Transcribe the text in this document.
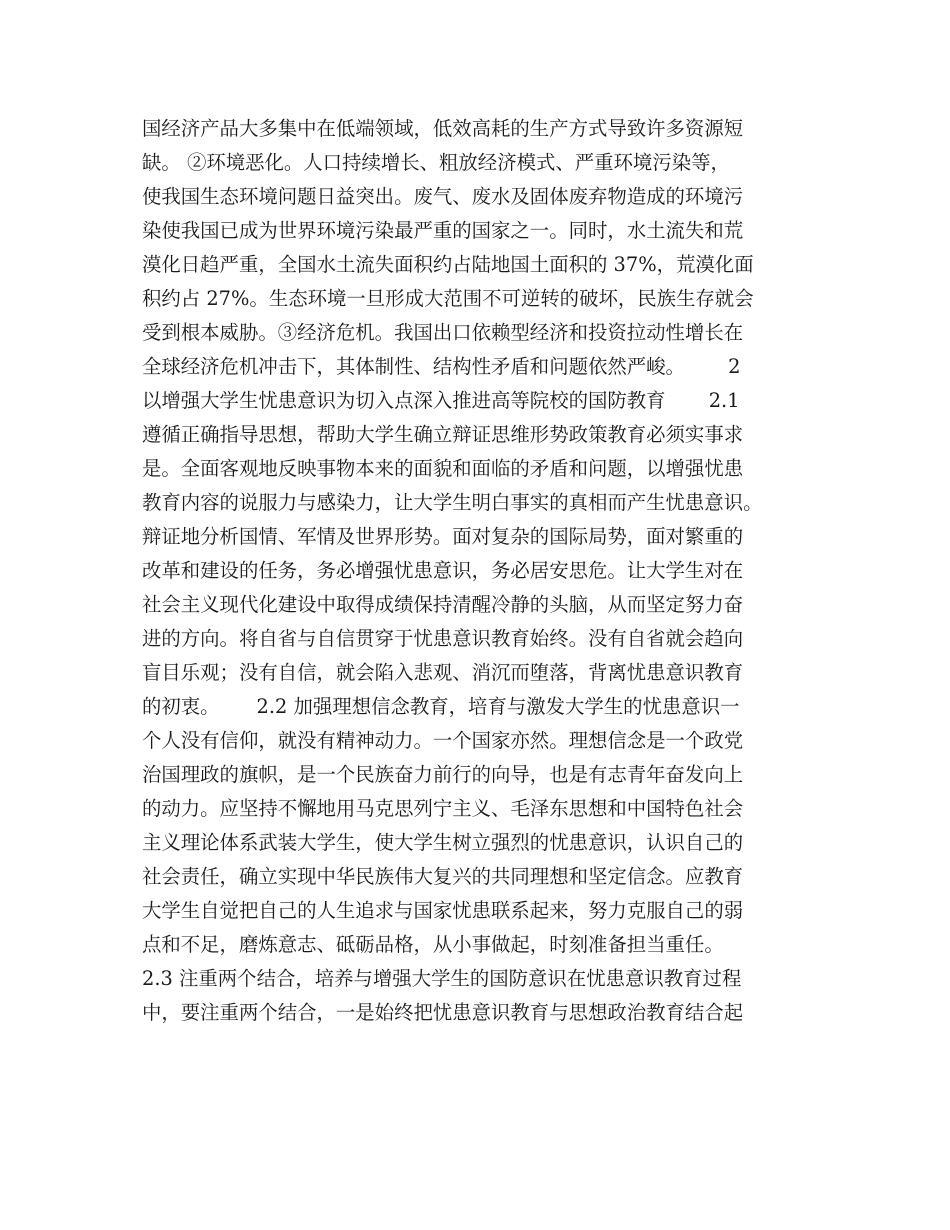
国经济产品大多集中在低端领域，低效高耗的生产方式导致许多资源短
缺。 ②环境恶化。人口持续增长、粗放经济模式、严重环境污染等，
使我国生态环境问题日益突出。废气、废水及固体废弃物造成的环境污
染使我国已成为世界环境污染最严重的国家之一。同时，水土流失和荒
漠化日趋严重，全国水土流失面积约占陆地国土面积的 37%，荒漠化面
积约占 27%。生态环境一旦形成大范围不可逆转的破坏，民族生存就会
受到根本威胁。③经济危机。我国出口依赖型经济和投资拉动性增长在
全球经济危机冲击下，其体制性、结构性矛盾和问题依然严峻。       2
以增强大学生忧患意识为切入点深入推进高等院校的国防教育       2.1
遵循正确指导思想，帮助大学生确立辩证思维形势政策教育必须实事求
是。全面客观地反映事物本来的面貌和面临的矛盾和问题，以增强忧患
教育内容的说服力与感染力，让大学生明白事实的真相而产生忧患意识。
辩证地分析国情、军情及世界形势。面对复杂的国际局势，面对繁重的
改革和建设的任务，务必增强忧患意识，务必居安思危。让大学生对在
社会主义现代化建设中取得成绩保持清醒冷静的头脑，从而坚定努力奋
进的方向。将自省与自信贯穿于忧患意识教育始终。没有自省就会趋向
盲目乐观；没有自信，就会陷入悲观、消沉而堕落，背离忧患意识教育
的初衷。      2.2 加强理想信念教育，培育与激发大学生的忧患意识一
个人没有信仰，就没有精神动力。一个国家亦然。理想信念是一个政党
治国理政的旗帜，是一个民族奋力前行的向导，也是有志青年奋发向上
的动力。应坚持不懈地用马克思列宁主义、毛泽东思想和中国特色社会
主义理论体系武装大学生，使大学生树立强烈的忧患意识，认识自己的
社会责任，确立实现中华民族伟大复兴的共同理想和坚定信念。应教育
大学生自觉把自己的人生追求与国家忧患联系起来，努力克服自己的弱
点和不足，磨炼意志、砥砺品格，从小事做起，时刻准备担当重任。
2.3 注重两个结合，培养与增强大学生的国防意识在忧患意识教育过程
中，要注重两个结合，一是始终把忧患意识教育与思想政治教育结合起
